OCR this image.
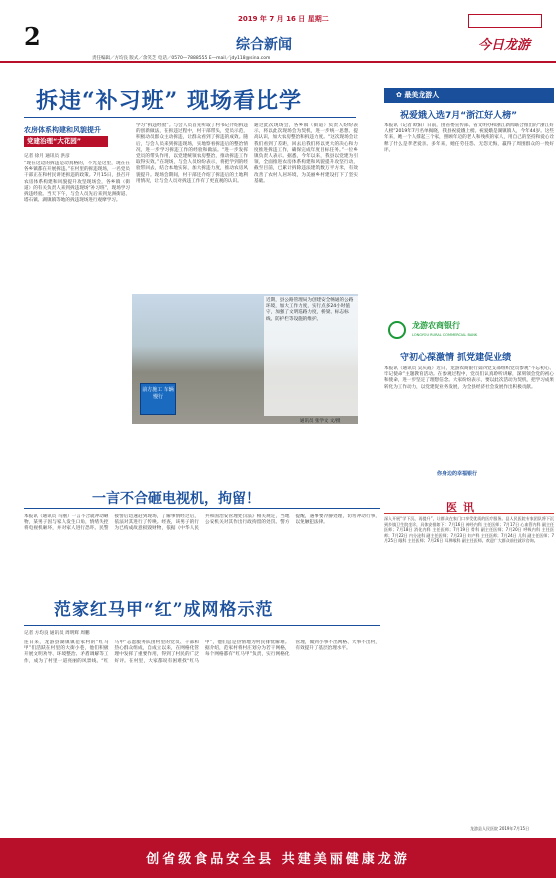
2
2019 年 7 月 16 日 星期二
综合新闻	今日龙游
责任编辑／方均良 版式／余笑芝 电话／0570—7888555 E—mail／jdy118@sina.com
拆违“补习班” 现场看比学
农房体系构建和风貌提升
党建治理“大花园”
记者 徐月 通讯员 洪彦
“现在这边的拆违是动真格的，不光是这里，现在在各乡镇都在开展拆违。”在村里的拆违现场，一名党员干部正在和村民讲述拆违的政策。7月15日，县召开农房体系构建和风貌提升攻坚现场会，各乡镇（街道）的有关负责人来到拆违现场“补习班”，现场学习拆违经验。当天下午，与会人员先后来到龙洲街道、塔石镇、湖镇镇等地的拆违现场进行观摩学习。
学习“拆违经验”。与会人员首先听取了村书记介绍拆违的创新做法，在拆违过程中，村干部带头，党员示范，积极动员群众主动拆违，让群众看到了拆违的成效。随后，与会人员来到拆违现场，实地察看拆违后的整治情况，进一步学习拆违工作的经验和做法。“进一步发挥党员的带头作用，以党建统领农房整治，推动拆违工作取得实效。”在现场，与会人员纷纷表示，将把学到的经验带回去，结合本地实际，加大拆违力度，推动农房风貌提升。现场会期间，村干部还介绍了拆违后的土地利用情况，让与会人员对拆违工作有了更直观的认识。
通过此次现场会，各乡镇（街道）负责人纷纷表示，将以此次现场会为契机，进一步统一思想、提高认识，加大农房整治和拆违力度。“这次现场会让我们看到了差距，回去后我们将以更大的决心和力度推进拆违工作，确保完成年度目标任务。”一位乡镇负责人表示。据悉，今年以来，我县以党建为引领，全面推进农房体系构建和风貌提升攻坚行动，截至目前，已累计拆除违法建筑数万平方米，有效改善了农村人居环境，为美丽乡村建设打下了坚实基础。
前方施工 车辆慢行
近期，县公路管理局为创建安全畅通的公路环境，加大工作力度，实行点多24小时值守，加强了文明巡路力度，桥梁、标志标线、防护栏等设施的维护。
通讯员 张学文 文/摄
✿ 最美龙游人
祝爱娥入选7月“浙江好人榜”
本报讯（记者 欧阳）日前，由省委宣传部、省文明办和浙江新闻联合推出的“浙江好人榜”2019年7月名单揭晓，我县祝爱娥上榜。祝爱娥是湖镇镇人，今年44岁。这些年来，她一个人撑起三个家，照顾年迈的老人和残疾的家人，用自己的坚持和爱心诠释了什么是孝老爱亲。多年来，她任劳任怨、无怨无悔，赢得了周围群众的一致好评。
龙游农商银行
LONGYOU RURAL COMMERCIAL BANK
守初心葆激情 抓党建促业绩
本报讯（通讯员 吴庆霞）近日，龙游农商银行第四党支部组织党员参观“不忘初心、牢记使命”主题教育活动。在参观过程中，党员们认真聆听讲解，深刻领会党的初心和使命，进一步坚定了理想信念。大家纷纷表示，要以此次活动为契机，把学习成果转化为工作动力，以党建促业务发展，为全县经济社会发展作出积极贡献。
你身边的幸福银行
一言不合砸电视机，拘留！
本报讯（通讯员 马丽）一言不合就冲动砸物，某男子因与家人发生口角，情绪失控将电视机砸坏，并对家人进行恐吓。民警接警后迅速赶到现场，了解事情经过后，依法对其进行了传唤。经查，该男子的行为已构成故意损毁财物，依据《中华人民共和国治安管理处罚法》相关规定，当地公安机关对其作出行政拘留的处罚。警方提醒，遇事要冷静处理，切勿冲动行事，以免触犯法律。
范家红马甲“红”成网格示范
记者 方均良 通讯员 周明辉 周鹏
连日来，龙游县湖镇镇范家村的“红马甲”们活跃在村里的大街小巷，他们积极开展文明劝导、环境整治、矛盾调解等工作，成为了村里一道亮丽的风景线。“红马甲”志愿服务队由村里的党员、干部和热心群众组成，自成立以来，在网格化管理中发挥了重要作用，得到了村民的广泛好评。在村里，大家都说有困难找“红马甲”，他们总是热情地为村民排忧解难。据介绍，范家村将村庄划分为若干网格，每个网格都有“红马甲”负责，实行网格化管理，做到小事不出网格、大事不出村，有效提升了基层治理水平。
医讯
深入开展“学下沉、再提升”，让群众在家门口享受优质的医疗服务。县人民医院专家团队将下沉到乡镇卫生院坐诊，具体安排如下：7月16日 神经内科 主任医师；7月17日 心血管内科 副主任医师；7月18日 消化内科 主任医师；7月19日 骨科 副主任医师；7月20日 呼吸内科 主任医师；7月22日 内分泌科 副主任医师；7月23日 妇产科 主任医师；7月24日 儿科 副主任医师；7月25日 眼科 主任医师；7月26日 耳鼻喉科 副主任医师。欢迎广大群众前往就诊咨询。
龙游县人民医院 2019年7月15日
创省级食品安全县 共建美丽健康龙游
